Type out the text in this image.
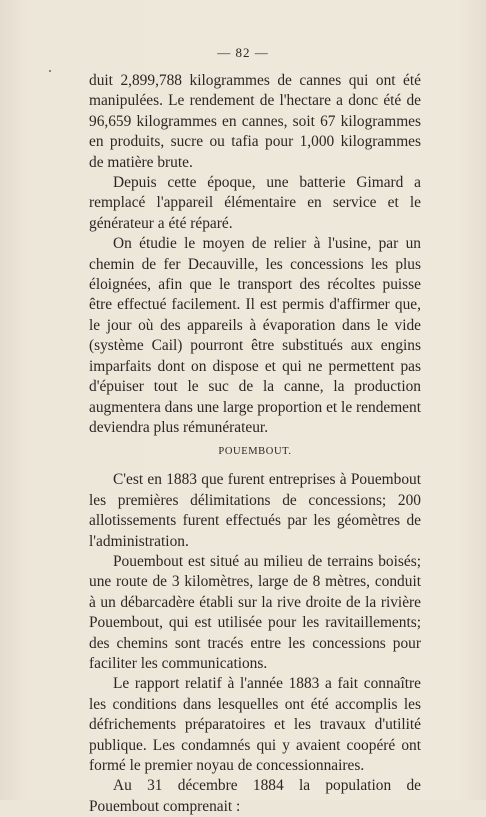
— 82 —

duit 2,899,788 kilogrammes de cannes qui ont été manipulées. Le rendement de l'hectare a donc été de 96,659 kilogrammes en cannes, soit 67 kilogrammes en produits, sucre ou tafia pour 1,000 kilogrammes de matière brute.

Depuis cette époque, une batterie Gimard a remplacé l'appareil élémentaire en service et le générateur a été réparé.

On étudie le moyen de relier à l'usine, par un chemin de fer Decauville, les concessions les plus éloignées, afin que le transport des récoltes puisse être effectué facilement. Il est permis d'affirmer que, le jour où des appareils à évaporation dans le vide (système Cail) pourront être substitués aux engins imparfaits dont on dispose et qui ne permettent pas d'épuiser tout le suc de la canne, la production augmentera dans une large proportion et le rendement deviendra plus rémunérateur.

POUEMBOUT.

C'est en 1883 que furent entreprises à Pouembout les premières délimitations de concessions; 200 allotissements furent effectués par les géomètres de l'administration.

Pouembout est situé au milieu de terrains boisés; une route de 3 kilomètres, large de 8 mètres, conduit à un débarcadère établi sur la rive droite de la rivière Pouembout, qui est utilisée pour les ravitaillements; des chemins sont tracés entre les concessions pour faciliter les communications.

Le rapport relatif à l'année 1883 a fait connaître les conditions dans lesquelles ont été accomplis les défrichements préparatoires et les travaux d'utilité publique. Les condamnés qui y avaient coopéré ont formé le premier noyau de concessionnaires.

Au 31 décembre 1884 la population de Pouembout comprenait :
